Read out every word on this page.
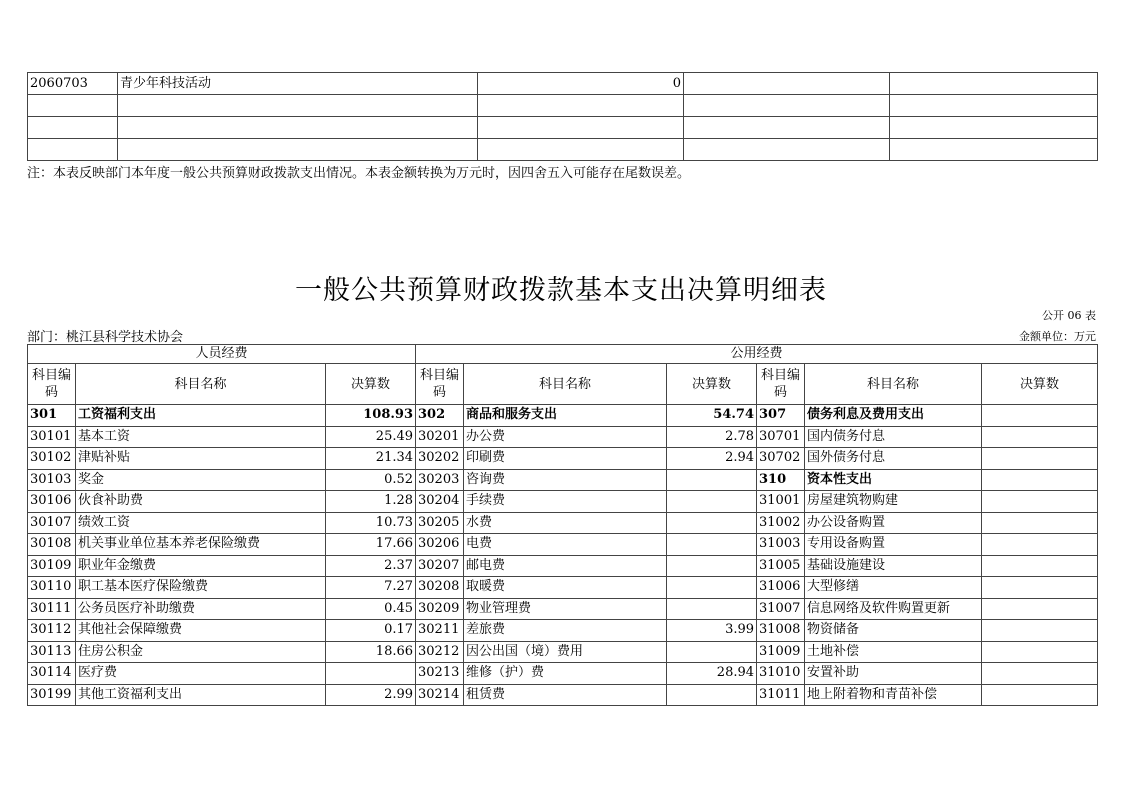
2060703	青少年科技活动	0		

注：本表反映部门本年度一般公共预算财政拨款支出情况。本表金额转换为万元时，因四舍五入可能存在尾数误差。
一般公共预算财政拨款基本支出决算明细表
公开 06 表
部门：桃江县科学技术协会	金额单位：万元
人员经费			公用经费					
科目编码	科目名称	决算数	科目编码	科目名称	决算数	科目编码	科目名称	决算数
301	工资福利支出	108.93	302	商品和服务支出	54.74	307	债务利息及费用支出	
30101	基本工资	25.49	30201	办公费	2.78	30701	国内债务付息	
30102	津贴补贴	21.34	30202	印刷费	2.94	30702	国外债务付息	
30103	奖金	0.52	30203	咨询费		310	资本性支出	
30106	伙食补助费	1.28	30204	手续费		31001	房屋建筑物购建	
30107	绩效工资	10.73	30205	水费		31002	办公设备购置	
30108	机关事业单位基本养老保险缴费	17.66	30206	电费		31003	专用设备购置	
30109	职业年金缴费	2.37	30207	邮电费		31005	基础设施建设	
30110	职工基本医疗保险缴费	7.27	30208	取暖费		31006	大型修缮	
30111	公务员医疗补助缴费	0.45	30209	物业管理费		31007	信息网络及软件购置更新	
30112	其他社会保障缴费	0.17	30211	差旅费	3.99	31008	物资储备	
30113	住房公积金	18.66	30212	因公出国（境）费用		31009	土地补偿	
30114	医疗费		30213	维修（护）费	28.94	31010	安置补助	
30199	其他工资福利支出	2.99	30214	租赁费		31011	地上附着物和青苗补偿	
